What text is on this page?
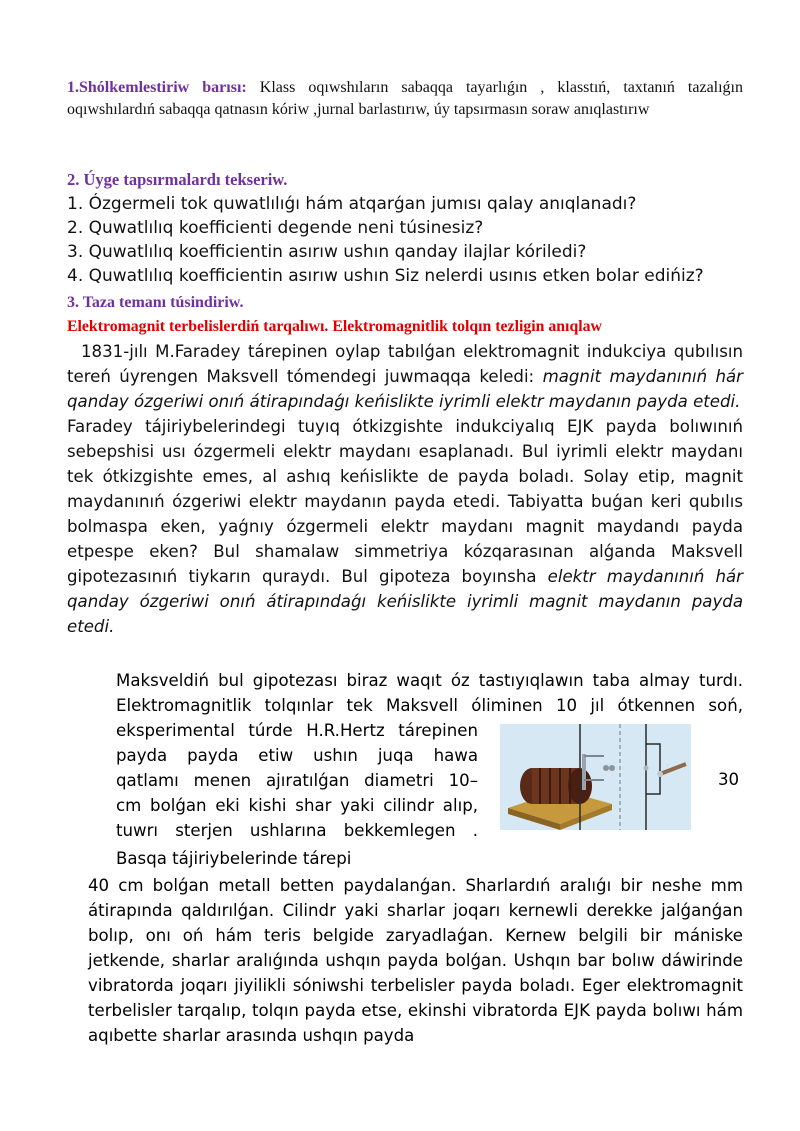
1.Shólkemlestiriw barısı: Klass oqıwshıların sabaqqa tayarlıǵın , klasstıń, taxtanıń tazalıǵın oqıwshılardıń sabaqqa qatnasın kóriw ,jurnal barlastırıw, úy tapsırmasın soraw anıqlastırıw
2. Úyge tapsırmalardı tekseriw.
1. Ózgermeli tok quwatlılıǵı hám atqarǵan jumısı qalay anıqlanadı?
2. Quwatlılıq koefficienti degende neni túsinesiz?
3. Quwatlılıq koefficientin asırıw ushın qanday ilajlar kóriledi?
4. Quwatlılıq koefficientin asırıw ushın Siz nelerdi usınıs etken bolar edińiz?
3. Taza temanı túsindiriw.
Elektromagnit terbelislerdiń tarqalıwı. Elektromagnitlik tolqın tezligin anıqlaw

1831-jılı M.Faradey tárepinen oylap tabılǵan elektromagnit indukciya qubılısın tereń úyrengen Maksvell tómendegi juwmaqqa keledi: magnit maydanınıń hár qanday ózgeriwi onıń átirapındaǵı keńislikte iyrimli elektr maydanın payda etedi.

Faradey tájiriybelerindegi tuyıq ótkizgishte indukciyalıq EJK payda bolıwınıń sebepshisi usı ózgermeli elektr maydanı esaplanadı. Bul iyrimli elektr maydanı tek ótkizgishte emes, al ashıq keńislikte de payda boladı. Solay etip, magnit maydanınıń ózgeriwi elektr maydanın payda etedi. Tabiyatta buǵan keri qubılıs bolmaspa eken, yaǵnıy ózgermeli elektr maydanı magnit maydandı payda etpespe eken? Bul shamalaw simmetriya kózqarasınan alǵanda Maksvell gipotezasınıń tiykarın quraydı. Bul gipoteza boyınsha elektr maydanınıń hár qanday ózgeriwi onıń átirapındaǵı keńislikte iyrimli magnit maydanın payda etedi.

Maksveldiń bul gipotezası biraz waqıt óz tastıyıqlawın taba almay turdı.
Elektromagnitlik tolqınlar tek Maksvell óliminen 10 jıl ótkennen soń,
eksperimental túrde H.R.Hertz tárepinen
payda payda etiw ushın juqa hawa
qatlamı menen ajıratılǵan diametri 10–
cm bolǵan eki kishi shar yaki cilindr alıp,
tuwrı sterjen ushlarına bekkemlegen .
30
Basqa tájiriybelerinde tárepi

40 cm bolǵan metall betten paydalanǵan. Sharlardıń aralıǵı bir neshe mm átirapında qaldırılǵan. Cilindr yaki sharlar joqarı kernewli derekke jalǵanǵan bolıp, onı oń hám teris belgide zaryadlaǵan. Kernew belgili bir mániske jetkende, sharlar aralıǵında ushqın payda bolǵan. Ushqın bar bolıw dáwirinde vibratorda joqarı jiyilikli sóniwshi terbelisler payda boladı. Eger elektromagnit terbelisler tarqalıp, tolqın payda etse, ekinshi vibratorda EJK payda bolıwı hám aqıbette sharlar arasında ushqın payda
